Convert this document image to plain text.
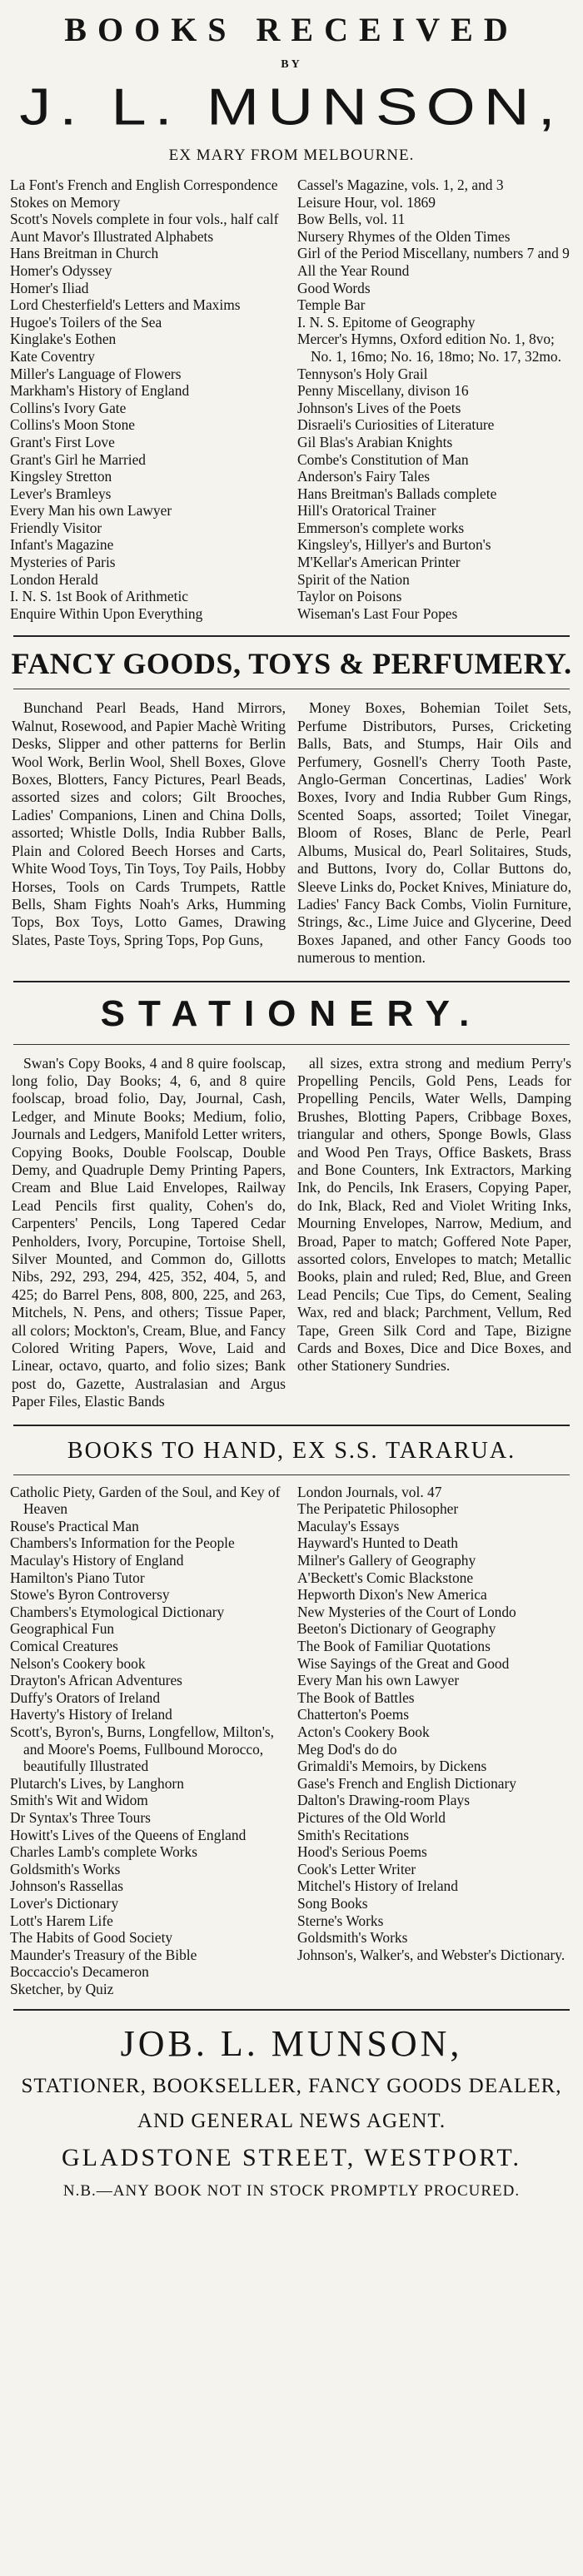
BOOKS RECEIVED
BY
J. L. MUNSON,
EX MARY FROM MELBOURNE.
La Font's French and English Correspondence
Stokes on Memory
Scott's Novels complete in four vols., half calf
Aunt Mavor's Illustrated Alphabets
Hans Breitman in Church
Homer's Odyssey
Homer's Iliad
Lord Chesterfield's Letters and Maxims
Hugoe's Toilers of the Sea
Kinglake's Eothen
Kate Coventry
Miller's Language of Flowers
Markham's History of England
Collins's Ivory Gate
Collins's Moon Stone
Grant's First Love
Grant's Girl he Married
Kingsley Stretton
Lever's Bramleys
Every Man his own Lawyer
Friendly Visitor
Infant's Magazine
Mysteries of Paris
London Herald
I. N. S. 1st Book of Arithmetic
Enquire Within Upon Everything
Cassel's Magazine, vols. 1, 2, and 3
Leisure Hour, vol. 1869
Bow Bells, vol. 11
Nursery Rhymes of the Olden Times
Girl of the Period Miscellany, numbers 7 and 9
All the Year Round
Good Words
Temple Bar
I. N. S. Epitome of Geography
Mercer's Hymns, Oxford edition No. 1, 8vo; No. 1, 16mo; No. 16, 18mo; No. 17, 32mo.
Tennyson's Holy Grail
Penny Miscellany, divison 16
Johnson's Lives of the Poets
Disraeli's Curiosities of Literature
Gil Blas's Arabian Knights
Combe's Constitution of Man
Anderson's Fairy Tales
Hans Breitman's Ballads complete
Hill's Oratorical Trainer
Emmerson's complete works
Kingsley's, Hillyer's and Burton's
M'Kellar's American Printer
Spirit of the Nation
Taylor on Poisons
Wiseman's Last Four Popes
FANCY GOODS, TOYS & PERFUMERY.
Bunchand Pearl Beads, Hand Mirrors, Walnut, Rosewood, and Papier Machè Writing Desks, Slipper and other patterns for Berlin Wool Work, Berlin Wool, Shell Boxes, Glove Boxes, Blotters, Fancy Pictures, Pearl Beads, assorted sizes and colors; Gilt Brooches, Ladies' Companions, Linen and China Dolls, assorted; Whistle Dolls, India Rubber Balls, Plain and Colored Beech Horses and Carts, White Wood Toys, Tin Toys, Toy Pails, Hobby Horses, Tools on Cards Trumpets, Rattle Bells, Sham Fights Noah's Arks, Humming Tops, Box Toys, Lotto Games, Drawing Slates, Paste Toys, Spring Tops, Pop Guns,
Money Boxes, Bohemian Toilet Sets, Perfume Distributors, Purses, Cricketing Balls, Bats, and Stumps, Hair Oils and Perfumery, Gosnell's Cherry Tooth Paste, Anglo-German Concertinas, Ladies' Work Boxes, Ivory and India Rubber Gum Rings, Scented Soaps, assorted; Toilet Vinegar, Bloom of Roses, Blanc de Perle, Pearl Albums, Musical do, Pearl Solitaires, Studs, and Buttons, Ivory do, Collar Buttons do, Sleeve Links do, Pocket Knives, Miniature do, Ladies' Fancy Back Combs, Violin Furniture, Strings, &c., Lime Juice and Glycerine, Deed Boxes Japaned, and other Fancy Goods too numerous to mention.
STATIONERY.
Swan's Copy Books, 4 and 8 quire foolscap, long folio, Day Books; 4, 6, and 8 quire foolscap, broad folio, Day, Journal, Cash, Ledger, and Minute Books; Medium, folio, Journals and Ledgers, Manifold Letter writers, Copying Books, Double Foolscap, Double Demy, and Quadruple Demy Printing Papers, Cream and Blue Laid Envelopes, Railway Lead Pencils first quality, Cohen's do, Carpenters' Pencils, Long Tapered Cedar Penholders, Ivory, Porcupine, Tortoise Shell, Silver Mounted, and Common do, Gillotts Nibs, 292, 293, 294, 425, 352, 404, 5, and 425; do Barrel Pens, 808, 800, 225, and 263, Mitchels, N. Pens, and others; Tissue Paper, all colors; Mockton's, Cream, Blue, and Fancy Colored Writing Papers, Wove, Laid and Linear, octavo, quarto, and folio sizes; Bank post do, Gazette, Australasian and Argus Paper Files, Elastic Bands
all sizes, extra strong and medium Perry's Propelling Pencils, Gold Pens, Leads for Propelling Pencils, Water Wells, Damping Brushes, Blotting Papers, Cribbage Boxes, triangular and others, Sponge Bowls, Glass and Wood Pen Trays, Office Baskets, Brass and Bone Counters, Ink Extractors, Marking Ink, do Pencils, Ink Erasers, Copying Paper, do Ink, Black, Red and Violet Writing Inks, Mourning Envelopes, Narrow, Medium, and Broad, Paper to match; Goffered Note Paper, assorted colors, Envelopes to match; Metallic Books, plain and ruled; Red, Blue, and Green Lead Pencils; Cue Tips, do Cement, Sealing Wax, red and black; Parchment, Vellum, Red Tape, Green Silk Cord and Tape, Bizigne Cards and Boxes, Dice and Dice Boxes, and other Stationery Sundries.
BOOKS TO HAND, EX S.S. TARARUA.
Catholic Piety, Garden of the Soul, and Key of Heaven
Rouse's Practical Man
Chambers's Information for the People
Maculay's History of England
Hamilton's Piano Tutor
Stowe's Byron Controversy
Chambers's Etymological Dictionary
Geographical Fun
Comical Creatures
Nelson's Cookery book
Drayton's African Adventures
Duffy's Orators of Ireland
Haverty's History of Ireland
Scott's, Byron's, Burns, Longfellow, Milton's, and Moore's Poems, Fullbound Morocco, beautifully Illustrated
Plutarch's Lives, by Langhorn
Smith's Wit and Widom
Dr Syntax's Three Tours
Howitt's Lives of the Queens of England
Charles Lamb's complete Works
Goldsmith's Works
Johnson's Rassellas
Lover's Dictionary
Lott's Harem Life
The Habits of Good Society
Maunder's Treasury of the Bible
Boccaccio's Decameron
Sketcher, by Quiz
London Journals, vol. 47
The Peripatetic Philosopher
Maculay's Essays
Hayward's Hunted to Death
Milner's Gallery of Geography
A'Beckett's Comic Blackstone
Hepworth Dixon's New America
New Mysteries of the Court of Londo
Beeton's Dictionary of Geography
The Book of Familiar Quotations
Wise Sayings of the Great and Good
Every Man his own Lawyer
The Book of Battles
Chatterton's Poems
Acton's Cookery Book
Meg Dod's do do
Grimaldi's Memoirs, by Dickens
Gase's French and English Dictionary
Dalton's Drawing-room Plays
Pictures of the Old World
Smith's Recitations
Hood's Serious Poems
Cook's Letter Writer
Mitchel's History of Ireland
Song Books
Sterne's Works
Goldsmith's Works
Johnson's, Walker's, and Webster's Dictionary.
JOB. L. MUNSON,
STATIONER, BOOKSELLER, FANCY GOODS DEALER,
AND GENERAL NEWS AGENT.
GLADSTONE STREET, WESTPORT.
N.B.—ANY BOOK NOT IN STOCK PROMPTLY PROCURED.
